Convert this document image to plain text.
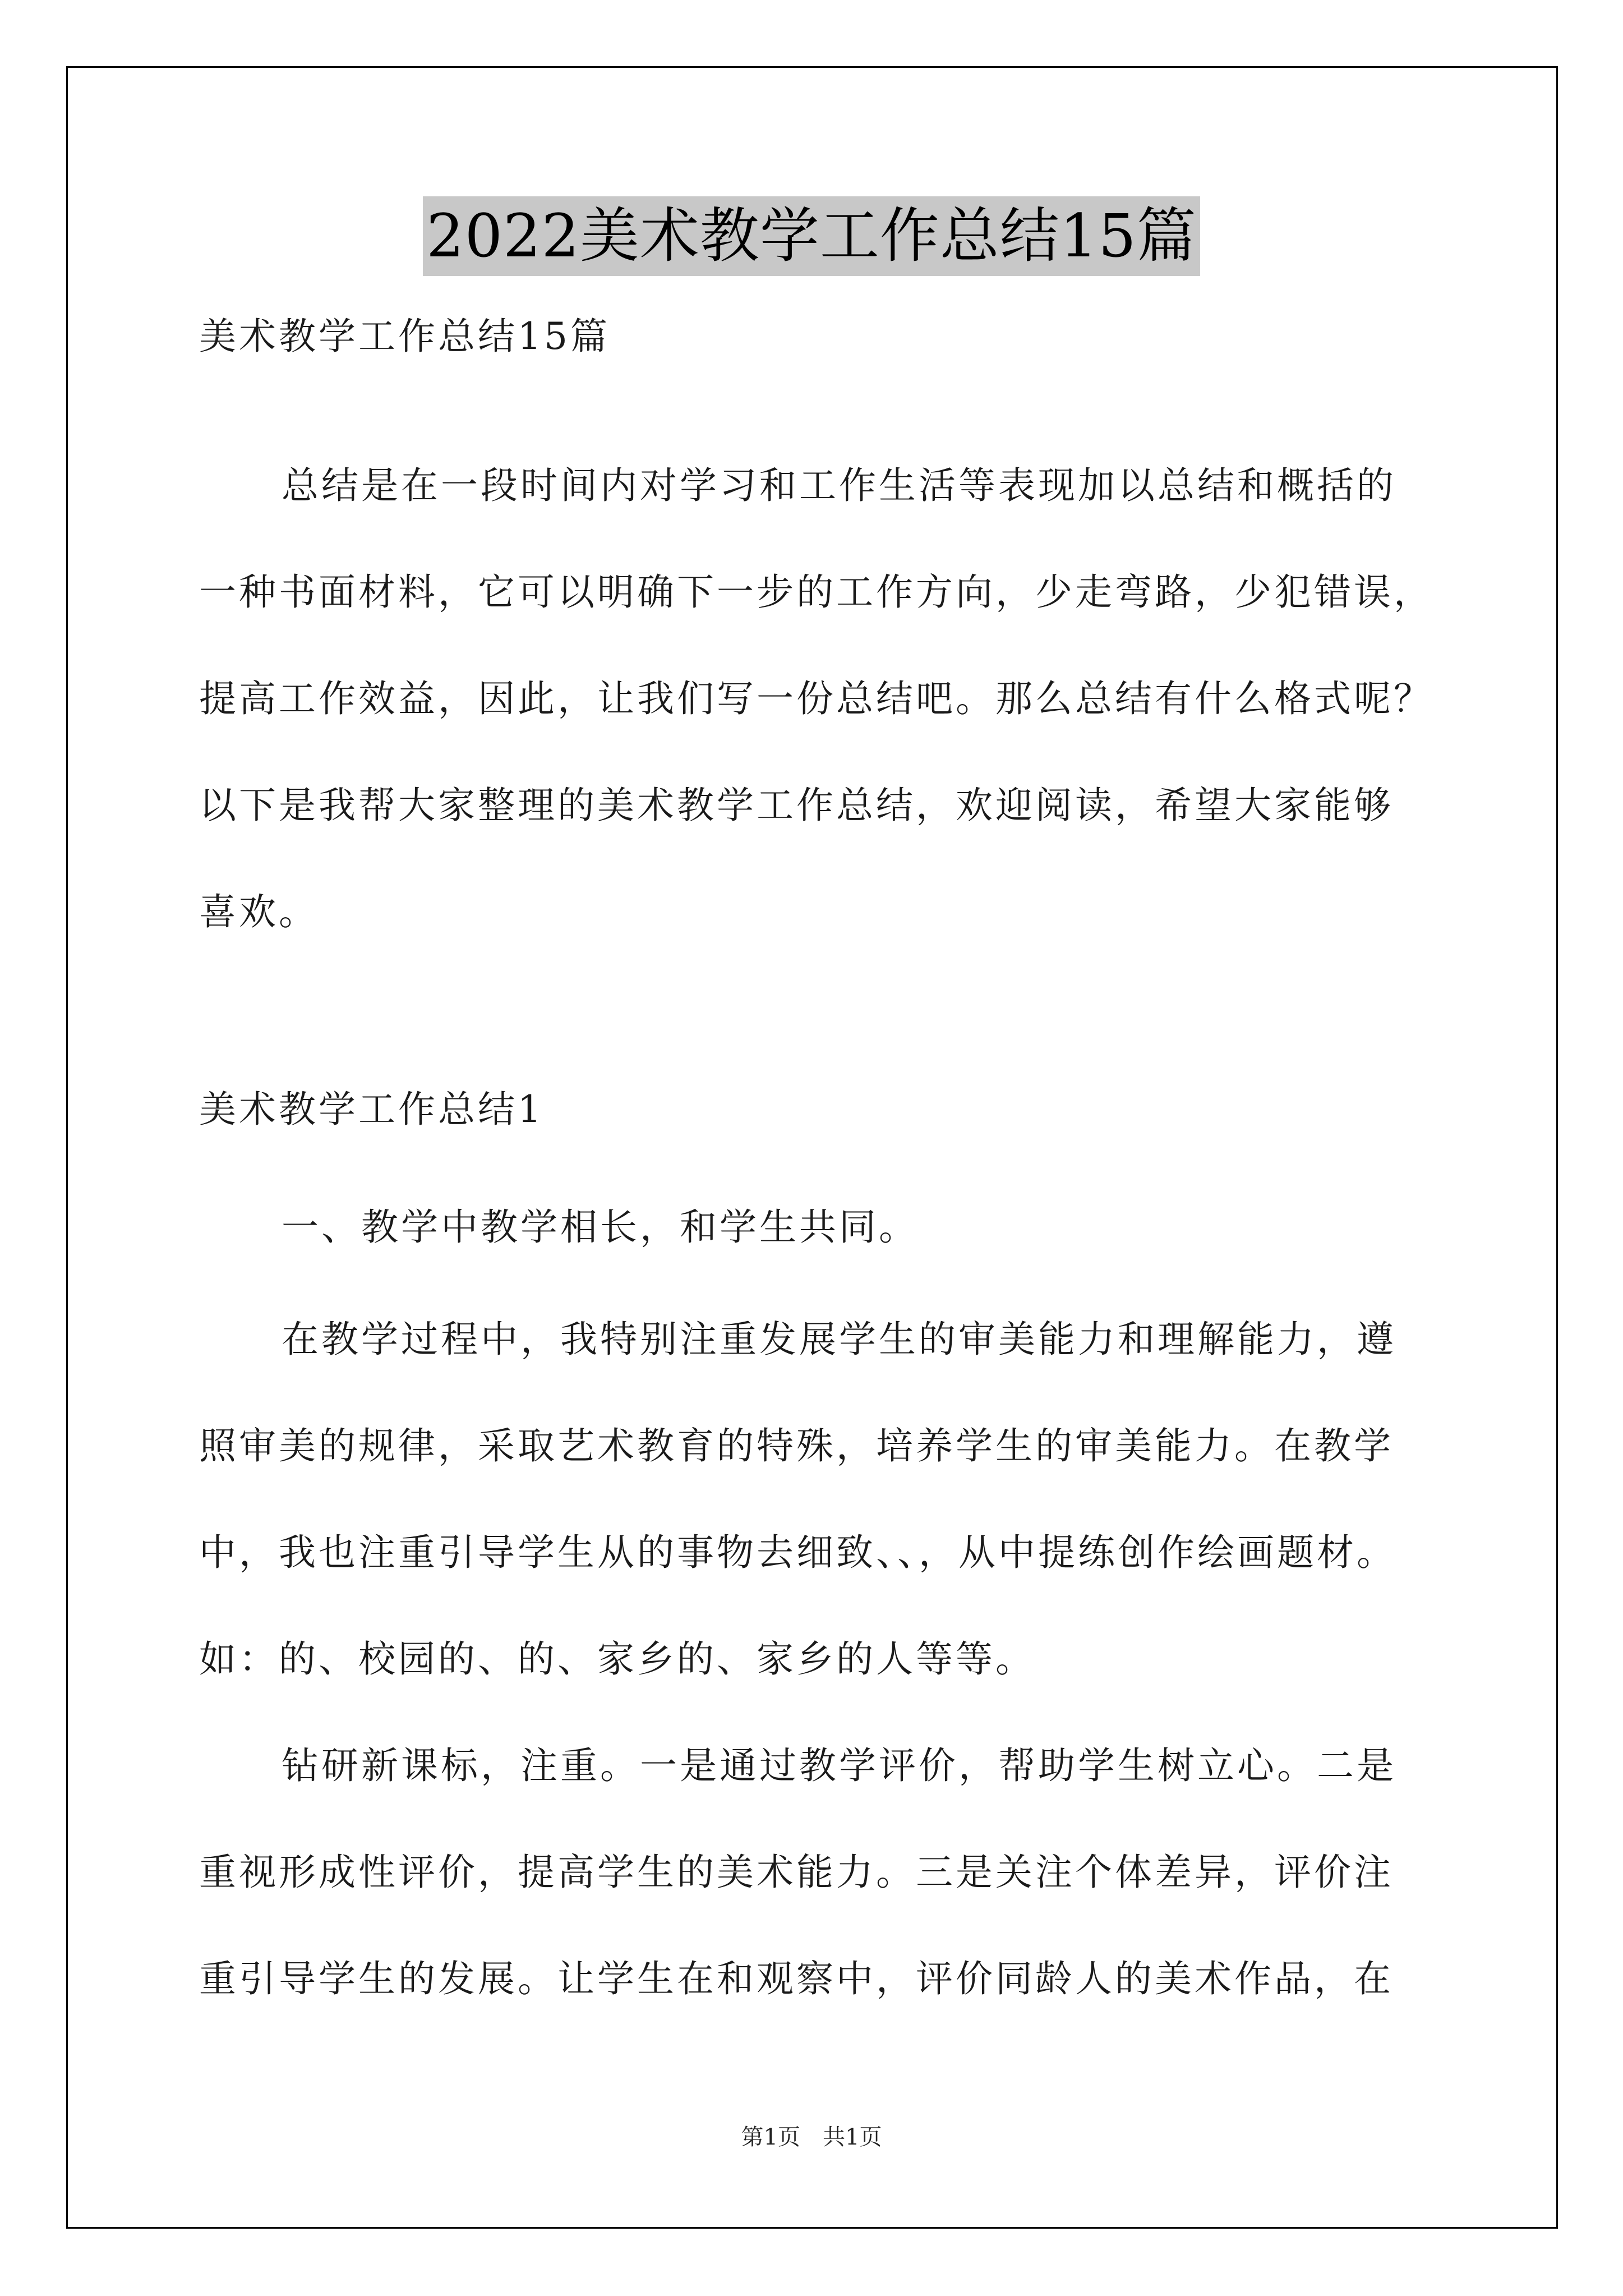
2022美术教学工作总结15篇

美术教学工作总结15篇

总结是在一段时间内对学习和工作生活等表现加以总结和概括的

一种书面材料，它可以明确下一步的工作方向，少走弯路，少犯错误，

提高工作效益，因此，让我们写一份总结吧。那么总结有什么格式呢？

以下是我帮大家整理的美术教学工作总结，欢迎阅读，希望大家能够

喜欢。

美术教学工作总结1

一、教学中教学相长，和学生共同。

在教学过程中，我特别注重发展学生的审美能力和理解能力，遵

照审美的规律，采取艺术教育的特殊，培养学生的审美能力。在教学

中，我也注重引导学生从的事物去细致、、，从中提练创作绘画题材。

如：的、校园的、的、家乡的、家乡的人等等。

钻研新课标，注重。一是通过教学评价，帮助学生树立心。二是

重视形成性评价，提高学生的美术能力。三是关注个体差异，评价注

重引导学生的发展。让学生在和观察中，评价同龄人的美术作品，在

第1页　共1页
